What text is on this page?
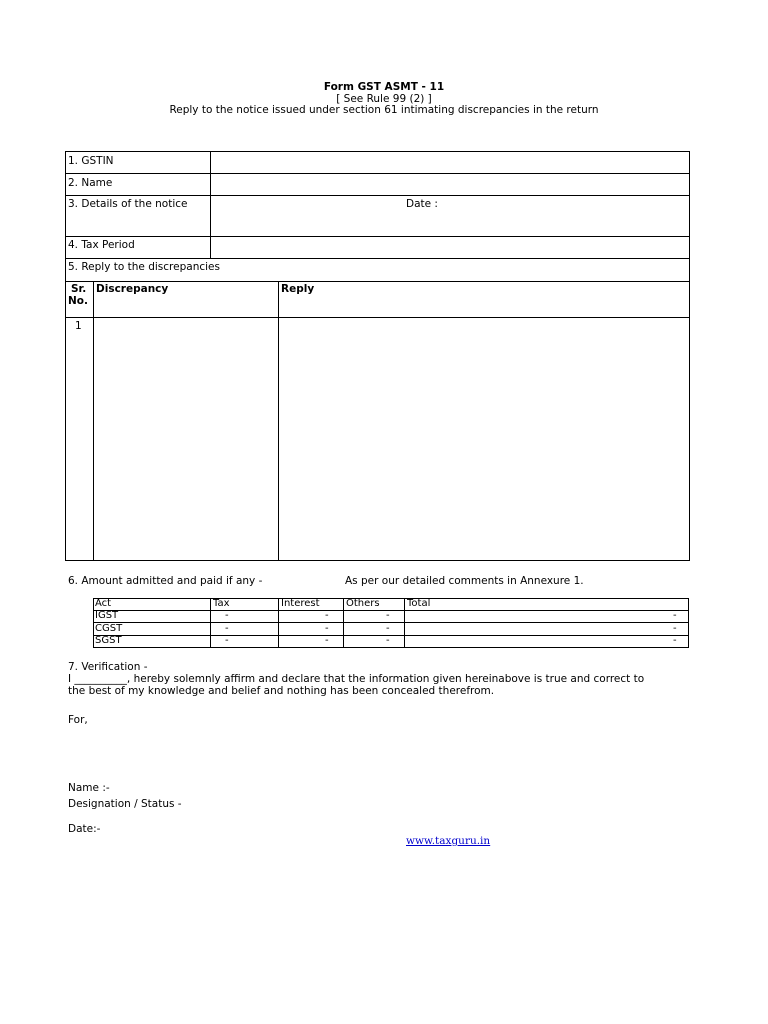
Form GST ASMT - 11
[ See Rule 99 (2) ]
Reply to the notice issued under section 61 intimating discrepancies in the return
1. GSTIN
2. Name
3. Details of the notice	Date :
4. Tax Period
5. Reply to the discrepancies
Sr.
No.
Discrepancy	Reply
1
6. Amount admitted and paid if any -	As per our detailed comments in Annexure 1.
Act	Tax	Interest	Others	Total
IGST	-	-	-	-
CGST	-	-	-	-
SGST	-	-	-	-
7. Verification -
I __________, hereby solemnly affirm and declare that the information given hereinabove is true and correct to
the best of my knowledge and belief and nothing has been concealed therefrom.
For,
Name :-
Designation / Status -
Date:-
www.taxguru.in
